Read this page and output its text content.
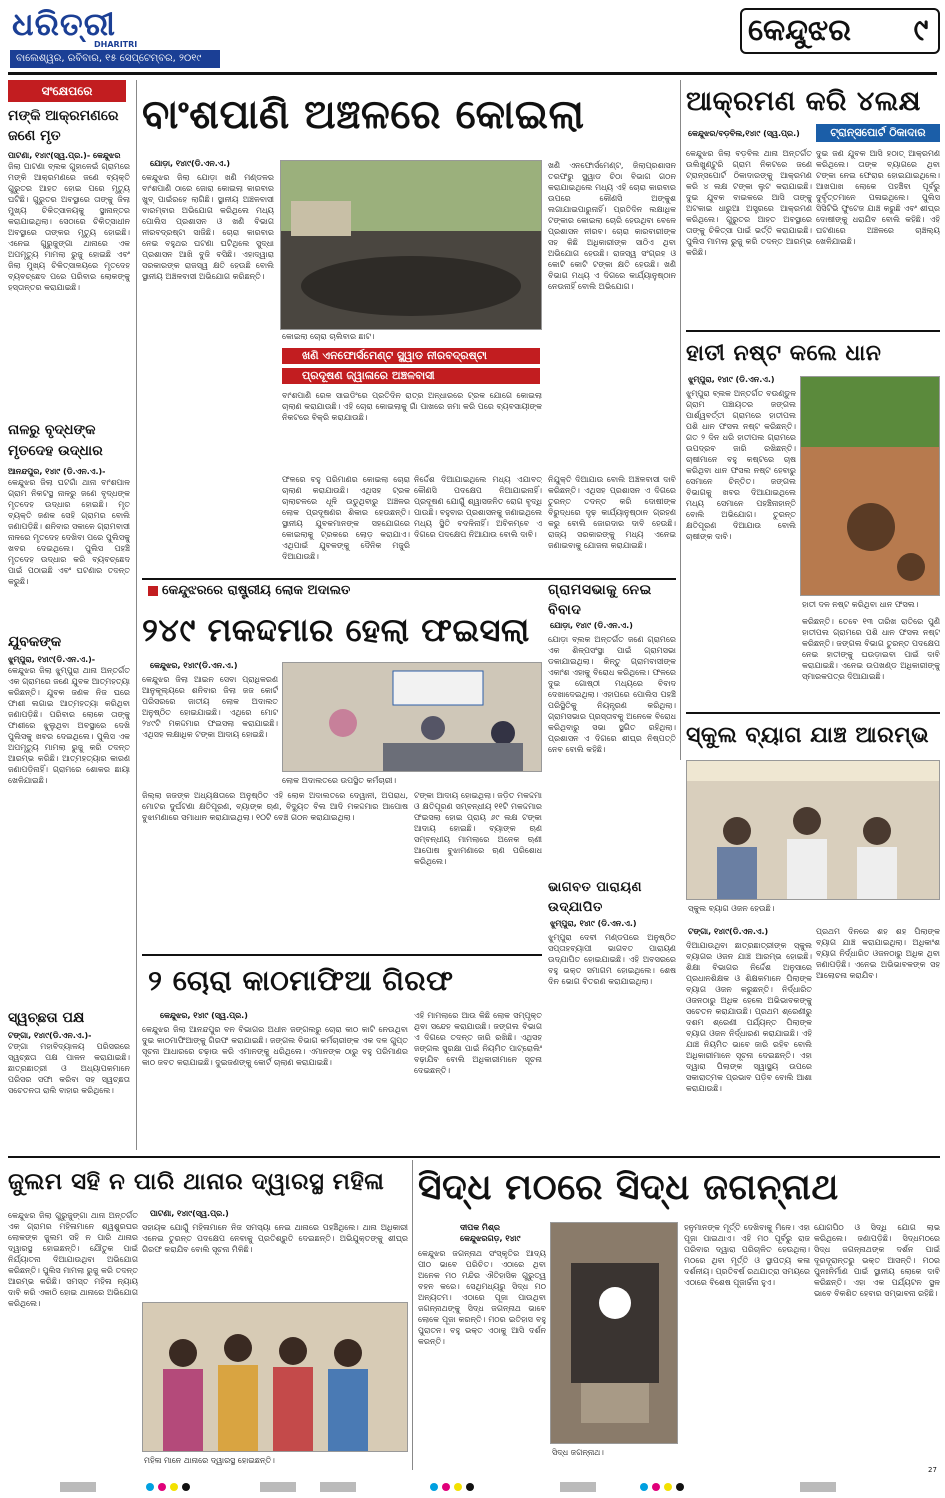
ଧରିତ୍ରୀ
DHARITRI
ବାଲେଶ୍ୱର, ରବିବାର, ୧୫ ସେପ୍ଟେମ୍ବର, ୨୦୧୯
କେନ୍ଦୁଝର	୯
ସଂକ୍ଷେପରେ
ମଙ୍କି ଆକ୍ରମଣରେ ଜଣେ ମୃତ
ପାଟଣା, ୧୪ା୯(ସ୍ୱ.ପ୍ର.)- କେନ୍ଦୁଝର
ଜିଲା ପାଟଣା ବ୍ଲକ ଗୁହାଳେଇଁ ଗ୍ରାମରେ ମଙ୍କି ଆକ୍ରମଣରେ ଜଣେ ବ୍ୟକ୍ତି ଗୁରୁତର ଆହତ ହୋଇ ପରେ ମୃତ୍ୟୁ ଘଟିଛି। ଗୁରୁତର ଅବସ୍ଥାରେ ତାଙ୍କୁ ଜିଲା ମୁଖ୍ୟ ଚିକିତ୍ସାଳୟକୁ ସ୍ଥାନାନ୍ତର କରାଯାଇଥିଲା। ସେଠାରେ ଚିକିତ୍ସାଧୀନ ଅବସ୍ଥାରେ ତାଙ୍କର ମୃତ୍ୟୁ ହୋଇଛି। ଏନେଇ ଗୁରୁଜୁଙ୍ଗା ଥାନାରେ ଏକ ଅପମୃତ୍ୟୁ ମାମଲା ରୁଜୁ ହୋଇଛି ଏବଂ ଜିଲା ମୁଖ୍ୟ ଚିକିତ୍ସାଳୟରେ ମୃତଦେହ ବ୍ୟବଚ୍ଛେଦ ପରେ ପରିବାର ଲୋକଙ୍କୁ ହସ୍ତାନ୍ତର କରାଯାଇଛି।
ନାଳରୁ ବୃଦ୍ଧଙ୍କ ମୃତଦେହ ଉଦ୍ଧାର
ଆନନ୍ଦପୁର, ୧୪ା୯ (ଡି.ଏନ.ଏ.)-
କେନ୍ଦୁଝର ଜିଲା ଘଟଗାଁ ଥାନା ବାଂଶପାଳ ଗ୍ରାମ ନିକଟସ୍ଥ ନାଳରୁ ଜଣେ ବୃଦ୍ଧଙ୍କ ମୃତଦେହ ଉଦ୍ଧାର ହୋଇଛି। ମୃତ ବ୍ୟକ୍ତି ଜଣକ ସେହି ଗ୍ରାମର ବୋଲି ଜଣାପଡ଼ିଛି। ଶନିବାର ସକାଳେ ଗ୍ରାମବାସୀ ନାଳରେ ମୃତଦେହ ଦେଖିବା ପରେ ପୁଲିସକୁ ଖବର ଦେଇଥିଲେ। ପୁଲିସ ପହଞ୍ଚି ମୃତଦେହ ଉଦ୍ଧାର କରି ବ୍ୟବଚ୍ଛେଦ ପାଇଁ ପଠାଇଛି ଏବଂ ଘଟଣାର ତଦନ୍ତ କରୁଛି।
ଯୁବକଙ୍କ
ଝୁମ୍ପୁରା, ୧୪ା୯(ଡି.ଏନ.ଏ.)-
କେନ୍ଦୁଝର ଜିଲା ଝୁମ୍ପୁରା ଥାନା ଅନ୍ତର୍ଗତ ଏକ ଗ୍ରାମରେ ଜଣେ ଯୁବକ ଆତ୍ମହତ୍ୟା କରିଛନ୍ତି। ଯୁବକ ଜଣକ ନିଜ ଘରେ ଫାଶୀ ଲଗାଇ ଆତ୍ମହତ୍ୟା କରିଥିବା ଜଣାପଡ଼ିଛି। ପରିବାର ଲୋକେ ତାଙ୍କୁ ଫାଶୀରେ ଝୁଲୁଥିବା ଅବସ୍ଥାରେ ଦେଖି ପୁଲିସକୁ ଖବର ଦେଇଥିଲେ। ପୁଲିସ ଏକ ଅପମୃତ୍ୟୁ ମାମଲା ରୁଜୁ କରି ତଦନ୍ତ ଆରମ୍ଭ କରିଛି। ଆତ୍ମହତ୍ୟାର କାରଣ ଜଣାପଡ଼ିନାହିଁ। ଗ୍ରାମରେ ଶୋକର ଛାୟା ଖେଳିଯାଇଛି।
ସ୍ୱଚ୍ଛତା ପକ୍ଷ
ଟଙ୍ଗା, ୧୪ା୯(ଡି.ଏନ.ଏ.)-
ଟଙ୍ଗା ମହାବିଦ୍ୟାଳୟ ପରିସରରେ ସ୍ୱଚ୍ଛତା ପକ୍ଷ ପାଳନ କରାଯାଇଛି। ଛାତ୍ରଛାତ୍ରୀ ଓ ଅଧ୍ୟାପକମାନେ ପରିସର ସଫା କରିବା ସହ ସ୍ୱଚ୍ଛତା ସଚେତନତା ରାଲି ବାହାର କରିଥିଲେ।
ବାଂଶପାଣି ଅଞ୍ଚଳରେ କୋଇଲା
ଯୋଡ଼ା, ୧୪ା୯(ଡି.ଏନ.ଏ.)
କେନ୍ଦୁଝର ଜିଲା ଯୋଡ଼ା ଖଣି ମଣ୍ଡଳର ବାଂଶପାଣି ଠାରେ ଜୋରା କୋଇଲା କାରବାର ଖୁବ୍ ପାଇଁରହେ ଲାଗିଛି। ସ୍ଥାନୀୟ ଅଞ୍ଚଳବାସୀ ବାରମ୍ବାର ଅଭିଯୋଗ କରିଥିଲେ ମଧ୍ୟ ପୋଲିସ ପ୍ରଶାସନ ଓ ଖଣି ବିଭାଗ ନୀରବଦ୍ରଷ୍ଟା ସାଜିଛି। ଚୋରା କାରବାର ନେଇ ବହୁଥର ଘଟଣା ଘଟିଥିଲେ ସୁଦ୍ଧା ପ୍ରଶାସନ ଆଖି ବୁଜି ବସିଛି। ଏହାଦ୍ୱାରା ସରକାରଙ୍କ ରାଜସ୍ୱ କ୍ଷତି ହେଉଛି ବୋଲି ସ୍ଥାନୀୟ ଅଞ୍ଚଳବାସୀ ଅଭିଯୋଗ କରିଛନ୍ତି।
କୋଇଲା ଚୋରା ଚାଲିବାର ଛାଟ।
ଖଣି ଏନଫୋର୍ସମେଣ୍ଟ ସ୍କ୍ୱାଡ ନୀରବଦ୍ରଷ୍ଟା
ପ୍ରଦୂଷଣ ଜ୍ୱାଳାରେ ଅଞ୍ଚଳବାସୀ
ବାଂଶପାଣି ରେଳ ସାଇଡିଂରେ ପ୍ରତିଦିନ ରାତ୍ର ଅନ୍ଧାରରେ ଟ୍ରକ ଯୋଗେ କୋଇଲା ଚାଲାଣ କରାଯାଉଛି। ଏହି ଚୋରା କୋଇଲାକୁ ଗାଁ ପାଖରେ ଜମା କରି ପରେ ବ୍ୟବସାୟୀଙ୍କ ନିକଟରେ ବିକ୍ରି କରାଯାଉଛି।
ଖଣି ଏନଫୋର୍ସମେଣ୍ଟ, ଜିଲାପ୍ରଶାସନ ତରଫରୁ ସ୍କ୍ୱାଡ ଚିଠା ବିଭାଗ ଗଠନ କରାଯାଇଥିଲେ ମଧ୍ୟ ଏହି ଚୋରା କାରବାର ଉପରେ କୌଣସି ଅଙ୍କୁଶ ଲଗାଯାଇପାରୁନାହିଁ। ପ୍ରତିଦିନ ଲକ୍ଷାଧିକ ଟଙ୍କାର କୋଇଲା ଚୋରି ହେଉଥିବା ବେଳେ ପ୍ରଶାସନ ନୀରବ। ଚୋରା କାରବାରୀଙ୍କ ସହ କିଛି ଅଧିକାରୀଙ୍କ ସାଠିଏ ଥିବା ଅଭିଯୋଗ ହେଉଛି। ରାଜସ୍ୱ ସଂଗ୍ରହ ଓ କୋଟି କୋଟି ଟଙ୍କା କ୍ଷତି ହେଉଛି। ଖଣି ବିଭାଗ ମଧ୍ୟ ଏ ଦିଗରେ କାର୍ଯ୍ୟାନୁଷ୍ଠାନ ନେଉନାହିଁ ବୋଲି ଅଭିଯୋଗ।
ଫଳରେ ବହୁ ପରିମାଣର କୋଇଲା ଚୋରା ଚାଲାଣ କରାଯାଉଛି। ଏଥିସହ ଟ୍ରକ ଚାଲାଚଳରେ ଧୂଳି ଉଡୁଥିବାରୁ ଅଞ୍ଚଳର ଲୋକ ପ୍ରଦୂଷଣର ଶିକାର ହେଉଛନ୍ତି। ସ୍ଥାନୀୟ ଯୁବକମାନଙ୍କ ସହଯୋଗରେ କୋଇଲାକୁ ଟ୍ରକରେ ଲୋଡ଼ କରାଯାଏ। ଏଥିପାଇଁ ଯୁବକଙ୍କୁ ଦୈନିକ ମଜୁରି ଦିଆଯାଉଛି।
ନିର୍ଦ୍ଦେଶ ଦିଆଯାଇଥିଲେ ମଧ୍ୟ ଏଯାବତ୍ କୌଣସି ପଦକ୍ଷେପ ନିଆଯାଇନାହିଁ। ପ୍ରଦୂଷଣ ଯୋଗୁଁ ଶ୍ୱାସଜନିତ ରୋଗ ବୃଦ୍ଧି ପାଉଛି। ବହୁବାର ପ୍ରଶାସନକୁ ଜଣାଇଥିଲେ ମଧ୍ୟ ସ୍ଥିତି ବଦଳିନାହିଁ। ଅବିଳମ୍ବେ ଏ ଦିଗରେ ପଦକ୍ଷେପ ନିଆଯାଉ ବୋଲି ଦାବି।
ନିଯୁକ୍ତି ଦିଆଯାଉ ବୋଲି ଅଞ୍ଚଳବାସୀ ଦାବି କରିଛନ୍ତି। ଏଥିସହ ପ୍ରଶାସନ ଏ ଦିଗରେ ତୁରନ୍ତ ତଦନ୍ତ କରି ଦୋଷୀଙ୍କ ବିରୁଦ୍ଧରେ ଦୃଢ଼ କାର୍ଯ୍ୟାନୁଷ୍ଠାନ ଗ୍ରହଣ କରୁ ବୋଲି ଜୋରଦାର ଦାବି ହେଉଛି। ରାଜ୍ୟ ସରକାରଙ୍କୁ ମଧ୍ୟ ଏନେଇ ଜଣାଇବାକୁ ଯୋଜନା କରାଯାଇଛି।
ଆକ୍ରମଣ କରି ୪ଲକ୍ଷ
କେନ୍ଦୁଝର/ବଡ଼ବିଲ,୧୪ା୯ (ସ୍ୱ.ପ୍ର.)	ଟ୍ରାନ୍ସପୋର୍ଟ ଠିକାଦାର
କେନ୍ଦୁଝର ଜିଲା ବଡ଼ବିଲ ଥାନା ଅନ୍ତର୍ଗତ ଉଲିଖୁଣ୍ଟୁରି ଗ୍ରାମ ନିକଟରେ ଜଣେ ଟ୍ରାନ୍ସପୋର୍ଟ ଠିକାଦାରଙ୍କୁ ଆକ୍ରମଣ କରି ୪ ଲକ୍ଷ ଟଙ୍କା ଲୁଟ କରାଯାଇଛି। ଦୁଇ ଯୁବକ ବାଇକରେ ଆସି ତାଙ୍କୁ ଅଟକାଇ ଧାରୁଆ ଅସ୍ତ୍ରରେ ଆକ୍ରମଣ କରିଥିଲେ। ଗୁରୁତର ଆହତ ଅବସ୍ଥାରେ ତାଙ୍କୁ ଚିକିତ୍ସା ପାଇଁ ଭର୍ତ୍ତି କରାଯାଇଛି। ପୁଲିସ ମାମଲା ରୁଜୁ କରି ତଦନ୍ତ ଆରମ୍ଭ କରିଛି।
ଦୁଇ ଜଣ ଯୁବକ ଆସି ହଠାତ୍ ଆକ୍ରମଣ କରିଥିଲେ। ତାଙ୍କ ବ୍ୟାଗରେ ଥିବା ଟଙ୍କା ନେଇ ଫେରାର ହୋଇଯାଇଥିଲେ। ଆଖପାଖ ଲୋକେ ପହଞ୍ଚିବା ପୂର୍ବରୁ ଦୁର୍ବୃତ୍ତମାନେ ପଳାଇଥିଲେ। ପୁଲିସ ସିସିଟିଭି ଫୁଟେଜ ଯାଞ୍ଚ କରୁଛି ଏବଂ ଶୀଘ୍ର ଦୋଷୀଙ୍କୁ ଧରାଯିବ ବୋଲି କହିଛି। ଏହି ଘଟଣାରେ ଅଞ୍ଚଳରେ ଚାଞ୍ଚଲ୍ୟ ଖେଳିଯାଇଛି।
ହାତୀ ନଷ୍ଟ କଲେ ଧାନ
ଝୁମ୍ପୁରା, ୧୪ା୯ (ଡି.ଏନ.ଏ.)
ଝୁମ୍ପୁରା ବ୍ଲକ ଅନ୍ତର୍ଗତ ବଉଣ୍ଡୁଳ ଗ୍ରାମ ପଞ୍ଚାୟତର ଜଙ୍ଗଲ ପାର୍ଶ୍ୱବର୍ତ୍ତୀ ଗ୍ରାମରେ ହାତୀପଲ ପଶି ଧାନ ଫସଲ ନଷ୍ଟ କରିଛନ୍ତି। ଗତ ୨ ଦିନ ଧରି ହାତୀପଲ ଗ୍ରାମରେ ଉପଦ୍ରବ ଜାରି ରଖିଛନ୍ତି। ଚାଷୀମାନେ ବହୁ କଷ୍ଟରେ ଚାଷ କରିଥିବା ଧାନ ଫସଲ ନଷ୍ଟ ହେବାରୁ ସେମାନେ ଚିନ୍ତିତ। ଜଙ୍ଗଲ ବିଭାଗକୁ ଖବର ଦିଆଯାଇଥିଲେ ମଧ୍ୟ ସେମାନେ ପହଞ୍ଚିନାହାନ୍ତି ବୋଲି ଅଭିଯୋଗ। ତୁରନ୍ତ କ୍ଷତିପୂରଣ ଦିଆଯାଉ ବୋଲି ଚାଷୀଙ୍କ ଦାବି।
ହାତୀ ଦଳ ନଷ୍ଟ କରିଥିବା ଧାନ ଫସଲ।
କରିଛନ୍ତି। ତେବେ ୧୩ ତାରିଖ ରାତିରେ ପୁଣି ହାତୀପଲ ଗ୍ରାମରେ ପଶି ଧାନ ଫସଲ ନଷ୍ଟ କରିଛନ୍ତି। ଜଙ୍ଗଲ ବିଭାଗ ତୁରନ୍ତ ପଦକ୍ଷେପ ନେଇ ହାତୀଙ୍କୁ ଘଉଡ଼ାଇବା ପାଇଁ ଦାବି କରାଯାଇଛି। ଏନେଇ ଉପଖଣ୍ଡ ଅଧିକାରୀଙ୍କୁ ସ୍ମାରକପତ୍ର ଦିଆଯାଇଛି।
କେନ୍ଦୁଝରରେ ରାଷ୍ଟ୍ରୀୟ ଲୋକ ଅଦାଲତ
୨୪୯ ମକଦ୍ଦମାର ହେଲା ଫଇସଲା
କେନ୍ଦୁଝର, ୧୪ା୯(ଡି.ଏନ.ଏ.)
କେନ୍ଦୁଝର ଜିଲା ଆଇନ ସେବା ପ୍ରାଧିକରଣ ଆନୁକୂଲ୍ୟରେ ଶନିବାର ଜିଲା ଜଜ କୋର୍ଟ ପରିସରରେ ଜାତୀୟ ଲୋକ ଅଦାଲତ ଅନୁଷ୍ଠିତ ହୋଇଯାଇଛି। ଏଥିରେ ମୋଟ ୨୪୯ଟି ମକଦ୍ଦମାର ଫଇସଲା କରାଯାଇଛି। ଏଥିସହ ଲକ୍ଷାଧିକ ଟଙ୍କା ଆଦାୟ ହୋଇଛି।
ଲୋକ ଅଦାଲତରେ ଉପସ୍ଥିତ କର୍ମଚାରୀ।
ଜିଲ୍ଲା ଜଜଙ୍କ ଅଧ୍ୟକ୍ଷତାରେ ଅନୁଷ୍ଠିତ ଏହି ଲୋକ ଅଦାଲତରେ ଦେୱାନୀ, ଅପରାଧ, ମୋଟର ଦୁର୍ଘଟଣା କ୍ଷତିପୂରଣ, ବ୍ୟାଙ୍କ ଋଣ, ବିଦ୍ୟୁତ ବିଲ ଆଦି ମକଦ୍ଦମାର ଆପୋଷ ବୁଝାମଣାରେ ସମାଧାନ କରାଯାଇଥିଲା। ୧୦ଟି ବେଞ୍ଚ ଗଠନ କରାଯାଇଥିଲା।
ଟଙ୍କା ଆଦାୟ ହୋଇଥିଲା। ଜଡ଼ିତ ମକଦ୍ଦମା ଓ କ୍ଷତିପୂରଣ ସମ୍ବନ୍ଧୀୟ ୧୧ଟି ମକଦ୍ଦମାର ଫଇସଲା ହୋଇ ପ୍ରାୟ ୬୯ ଲକ୍ଷ ଟଙ୍କା ଆଦାୟ ହୋଇଛି। ବ୍ୟାଙ୍କ ଋଣ ସମ୍ବନ୍ଧୀୟ ମାମଲାରେ ଅନେକ ଋଣୀ ଆପୋଷ ବୁଝାମଣାରେ ଋଣ ପରିଶୋଧ କରିଥିଲେ।
ଗ୍ରାମସଭାକୁ ନେଇ ବିବାଦ
ଯୋଡ଼ା, ୧୪ା୯ (ଡି.ଏନ.ଏ.)
ଯୋଡ଼ା ବ୍ଲକ ଅନ୍ତର୍ଗତ ଜଣେ ଗ୍ରାମରେ ଏକ ଶିଳ୍ପସଂସ୍ଥା ପାଇଁ ଗ୍ରାମସଭା ଡକାଯାଇଥିଲା। କିନ୍ତୁ ଗ୍ରାମବାସୀଙ୍କ ଏକାଂଶ ଏହାକୁ ବିରୋଧ କରିଥିଲେ। ଫଳରେ ଦୁଇ ଗୋଷ୍ଠୀ ମଧ୍ୟରେ ବିବାଦ ଦେଖାଦେଇଥିଲା। ଏହାପରେ ପୋଲିସ ପହଞ୍ଚି ପରିସ୍ଥିତିକୁ ନିୟନ୍ତ୍ରଣ କରିଥିଲା। ଗ୍ରାମସଭାର ପ୍ରସ୍ତାବକୁ ଅନେକେ ବିରୋଧ କରିଥିବାରୁ ସଭା ସ୍ଥଗିତ ରହିଥିଲା। ପ୍ରଶାସନ ଏ ଦିଗରେ ଶୀଘ୍ର ନିଷ୍ପତ୍ତି ନେବ ବୋଲି କହିଛି।
ଭାଗବତ ପାରାୟଣ ଉଦ୍‌ଯାପିତ
ଝୁମ୍ପୁରା, ୧୪ା୯ (ଡି.ଏନ.ଏ.)
ଝୁମ୍ପୁରା ଦେବୀ ମଣ୍ଡପରେ ଅନୁଷ୍ଠିତ ସପ୍ତାହବ୍ୟାପୀ ଭାଗବତ ପାରାୟଣ ଉଦ୍‌ଯାପିତ ହୋଇଯାଇଛି। ଏହି ଅବସରରେ ବହୁ ଭକ୍ତ ସମାଗମ ହୋଇଥିଲେ। ଶେଷ ଦିନ ଭୋଗ ବିତରଣ କରାଯାଇଥିଲା।
ସ୍କୁଲ ବ୍ୟାଗ ଯାଞ୍ଚ ଆରମ୍ଭ
ସ୍କୁଲ ବ୍ୟାଗ ଓଜନ ହେଉଛି।
ଟଙ୍ଗା, ୧୪ା୯(ଡି.ଏନ.ଏ.)
ଦିଆଯାଉଥିବା ଛାତ୍ରଛାତ୍ରୀଙ୍କ ସ୍କୁଲ ବ୍ୟାଗର ଓଜନ ଯାଞ୍ଚ ଆରମ୍ଭ ହୋଇଛି। ଶିକ୍ଷା ବିଭାଗର ନିର୍ଦ୍ଦେଶ ଅନୁସାରେ ପ୍ରଧାନଶିକ୍ଷକ ଓ ଶିକ୍ଷକମାନେ ପିଲାଙ୍କ ବ୍ୟାଗ ଓଜନ କରୁଛନ୍ତି। ନିର୍ଦ୍ଧାରିତ ଓଜନଠାରୁ ଅଧିକ ହେଲେ ଅଭିଭାବକଙ୍କୁ ସଚେତନ କରାଯାଉଛି। ପ୍ରଥମ ଶ୍ରେଣୀରୁ ଦଶମ ଶ୍ରେଣୀ ପର୍ଯ୍ୟନ୍ତ ପିଲାଙ୍କ ବ୍ୟାଗ ଓଜନ ନିର୍ଦ୍ଧାରଣ କରାଯାଇଛି। ଏହି ଯାଞ୍ଚ ନିୟମିତ ଭାବେ ଜାରି ରହିବ ବୋଲି ଅଧିକାରୀମାନେ ସୂଚନା ଦେଇଛନ୍ତି। ଏହା ଦ୍ୱାରା ପିଲାଙ୍କ ସ୍ୱାସ୍ଥ୍ୟ ଉପରେ ସକାରାତ୍ମକ ପ୍ରଭାବ ପଡ଼ିବ ବୋଲି ଆଶା କରାଯାଉଛି।
ପ୍ରଥମ ଦିନରେ ଶହ ଶହ ପିଲାଙ୍କ ବ୍ୟାଗ ଯାଞ୍ଚ କରାଯାଇଥିଲା। ଅଧିକାଂଶ ବ୍ୟାଗ ନିର୍ଦ୍ଧାରିତ ଓଜନଠାରୁ ଅଧିକ ଥିବା ଜଣାପଡ଼ିଛି। ଏନେଇ ଅଭିଭାବକଙ୍କ ସହ ଆଲୋଚନା କରାଯିବ।
୨ ଚୋରା କାଠମାଫିଆ ଗିରଫ
କେନ୍ଦୁଝର, ୧୪ା୯ (ସ୍ୱ.ପ୍ର.)
କେନ୍ଦୁଝର ଜିଲା ଆନନ୍ଦପୁର ବନ ବିଭାଗର ଅଧୀନ ଜଙ୍ଗଲରୁ ଚୋରା କାଠ କାଟି ନେଉଥିବା ଦୁଇ କାଠମାଫିଆଙ୍କୁ ଗିରଫ କରାଯାଇଛି। ଜଙ୍ଗଲ ବିଭାଗ କର୍ମଚାରୀଙ୍କ ଏକ ଦଳ ଗୁପ୍ତ ସୂଚନା ଆଧାରରେ ଚଢ଼ାଉ କରି ଏମାନଙ୍କୁ ଧରିଥିଲେ। ଏମାନଙ୍କ ଠାରୁ ବହୁ ପରିମାଣର କାଠ ଜବତ କରାଯାଇଛି। ଦୁଇଜଣଙ୍କୁ କୋର୍ଟ ଚାଲାଣ କରାଯାଇଛି।
ଏହି ମାମଲାରେ ଆଉ କିଛି ଲୋକ ସମ୍ପୃକ୍ତ ଥିବା ସନ୍ଦେହ କରାଯାଉଛି। ଜଙ୍ଗଲ ବିଭାଗ ଏ ଦିଗରେ ତଦନ୍ତ ଜାରି ରଖିଛି। ଏଥିସହ ଜଙ୍ଗଲ ସୁରକ୍ଷା ପାଇଁ ନିୟମିତ ପାଟ୍ରୋଲିଂ ବଢ଼ାଯିବ ବୋଲି ଅଧିକାରୀମାନେ ସୂଚନା ଦେଇଛନ୍ତି।
ଜୁଲମ ସହି ନ ପାରି ଥାନାର ଦ୍ୱାରସ୍ଥ ମହିଳା
ପାଟଣା, ୧୪ା୯(ସ୍ୱ.ପ୍ର.)
କେନ୍ଦୁଝର ଜିଲା ଗୁରୁଜୁଙ୍ଗା ଥାନା ଅନ୍ତର୍ଗତ ଏକ ଗ୍ରାମର ମହିଳାମାନେ ଶ୍ୱଶୁରଘର ଲୋକଙ୍କ ଜୁଲମ ସହି ନ ପାରି ଥାନାର ଦ୍ୱାରସ୍ଥ ହୋଇଛନ୍ତି। ଯୌତୁକ ପାଇଁ ନିର୍ଯ୍ୟାତନା ଦିଆଯାଉଥିବା ଅଭିଯୋଗ କରିଛନ୍ତି। ପୁଲିସ ମାମଲା ରୁଜୁ କରି ତଦନ୍ତ ଆରମ୍ଭ କରିଛି। ସମସ୍ତ ମହିଳା ନ୍ୟାୟ ଦାବି କରି ଏକାଠି ହୋଇ ଥାନାରେ ଅଭିଯୋଗ କରିଥିଲେ।
ସହାୟକ ଯୋଗୁଁ ମହିଳାମାନେ ନିଜ ସମସ୍ୟା ନେଇ ଥାନାରେ ପହଞ୍ଚିଥିଲେ। ଥାନା ଅଧିକାରୀ ଏନେଇ ତୁରନ୍ତ ପଦକ୍ଷେପ ନେବାକୁ ପ୍ରତିଶ୍ରୁତି ଦେଇଛନ୍ତି। ଅଭିଯୁକ୍ତଙ୍କୁ ଶୀଘ୍ର ଗିରଫ କରାଯିବ ବୋଲି ସୂଚନା ମିଳିଛି।
ମହିଳା ମାନେ ଥାନାରେ ଦ୍ୱାରସ୍ଥ ହୋଇଛନ୍ତି।
ସିଦ୍ଧ ମଠରେ ସିଦ୍ଧ ଜଗନ୍ନାଥ
ଦୀପକ ମିଶ୍ର
କେନ୍ଦୁଝରଗଡ଼, ୧୪ା୯
କେନ୍ଦୁଝର ଜଗନ୍ନାଥ ସଂସ୍କୃତିର ଆଦ୍ୟ ପୀଠ ଭାବେ ପରିଚିତ। ଏଠାରେ ଥିବା ଅନେକ ମଠ ମନ୍ଦିର ଐତିହାସିକ ଗୁରୁତ୍ୱ ବହନ କରେ। ସେଥିମଧ୍ୟରୁ ସିଦ୍ଧ ମଠ ଅନ୍ୟତମ। ଏଠାରେ ପୂଜା ପାଉଥିବା ଜଗନ୍ନାଥଙ୍କୁ ସିଦ୍ଧ ଜଗନ୍ନାଥ ଭାବେ ଲୋକେ ପୂଜା କରନ୍ତି। ମଠର ଇତିହାସ ବହୁ ପୁରାତନ। ବହୁ ଭକ୍ତ ଏଠାକୁ ଆସି ଦର୍ଶନ କରନ୍ତି।
ସିଦ୍ଧ ଜଗନ୍ନାଥ।
ହନୁମାନଙ୍କ ମୂର୍ତ୍ତି ଦେଖିବାକୁ ମିଳେ। ଏହା ପୂଜା ପାଇଥାଏ। ଏହି ମଠ ପୂର୍ବରୁ ରାଜ ପରିବାର ଦ୍ୱାରା ପରିଚାଳିତ ହେଉଥିଲା। ମଠରେ ଥିବା ମୂର୍ତ୍ତି ଓ ସ୍ଥାପତ୍ୟ କଳା ଦର୍ଶନୀୟ। ପ୍ରତିବର୍ଷ ରଥଯାତ୍ରା ସମୟରେ ଏଠାରେ ବିଶେଷ ପୂଜାର୍ଚ୍ଚନା ହୁଏ।
ଯୋଗପିଠ ଓ ସିଦ୍ଧି ଯୋଗ ଲାଭ କରିଥିଲେ। ଜଣାପଡ଼ିଛି। ସିଦ୍ଧମଠରେ ସିଦ୍ଧ ଜଗନ୍ନାଥଙ୍କ ଦର୍ଶନ ପାଇଁ ଦୂରଦୂରାନ୍ତରୁ ଭକ୍ତ ଆସନ୍ତି। ମଠର ପୁନଃନିର୍ମାଣ ପାଇଁ ସ୍ଥାନୀୟ ଲୋକେ ଦାବି କରିଛନ୍ତି। ଏହା ଏକ ପର୍ଯ୍ୟଟନ ସ୍ଥଳ ଭାବେ ବିକଶିତ ହେବାର ସମ୍ଭାବନା ରହିଛି।
27
